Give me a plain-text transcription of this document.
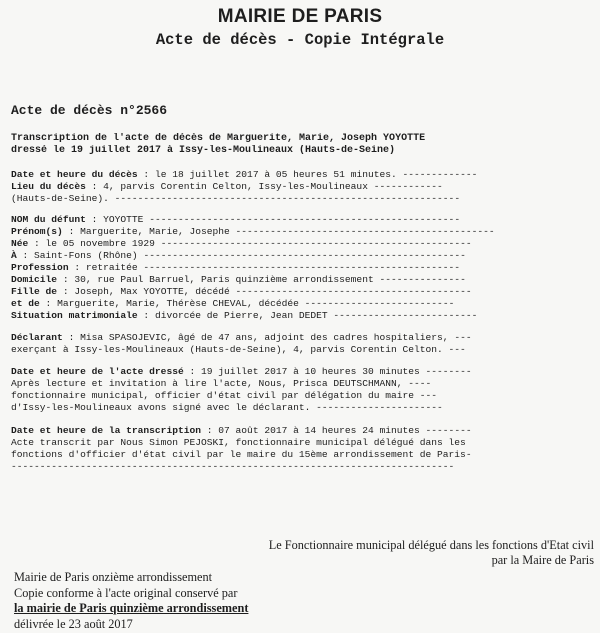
MAIRIE DE PARIS
Acte de décès - Copie Intégrale
Acte de décès n°2566
Transcription de l'acte de décès de Marguerite, Marie, Joseph YOYOTTE
dressé le 19 juillet 2017 à Issy-les-Moulineaux (Hauts-de-Seine)
Date et heure du décès : le 18 juillet 2017 à 05 heures 51 minutes. -------------
Lieu du décès : 4, parvis Corentin Celton, Issy-les-Moulineaux ------------
(Hauts-de-Seine). ------------------------------------------------------------
NOM du défunt : YOYOTTE ------------------------------------------------------
Prénom(s) : Marguerite, Marie, Josephe ---------------------------------------------
Née : le 05 novembre 1929 ------------------------------------------------------
À : Saint-Fons (Rhône) --------------------------------------------------------
Profession : retraitée -------------------------------------------------------
Domicile : 30, rue Paul Barruel, Paris quinzième arrondissement ---------------
Fille de : Joseph, Max YOYOTTE, décédé -----------------------------------------
et de : Marguerite, Marie, Thérèse CHEVAL, décédée --------------------------
Situation matrimoniale : divorcée de Pierre, Jean DEDET -------------------------
Déclarant : Misa SPASOJEVIC, âgé de 47 ans, adjoint des cadres hospitaliers, ---
exerçant à Issy-les-Moulineaux (Hauts-de-Seine), 4, parvis Corentin Celton. ---
Date et heure de l'acte dressé : 19 juillet 2017 à 10 heures 30 minutes --------
Après lecture et invitation à lire l'acte, Nous, Prisca DEUTSCHMANN, ----
fonctionnaire municipal, officier d'état civil par délégation du maire ---
d'Issy-les-Moulineaux avons signé avec le déclarant. ----------------------
Date et heure de la transcription : 07 août 2017 à 14 heures 24 minutes --------
Acte transcrit par Nous Simon PEJOSKI, fonctionnaire municipal délégué dans les
fonctions d'officier d'état civil par le maire du 15ème arrondissement de Paris-
-----------------------------------------------------------------------------
Le Fonctionnaire municipal délégué dans les fonctions d'Etat civil
par la Maire de Paris
Mairie de Paris onzième arrondissement
Copie conforme à l'acte original conservé par
la mairie de Paris quinzième arrondissement
délivrée le 23 août 2017
